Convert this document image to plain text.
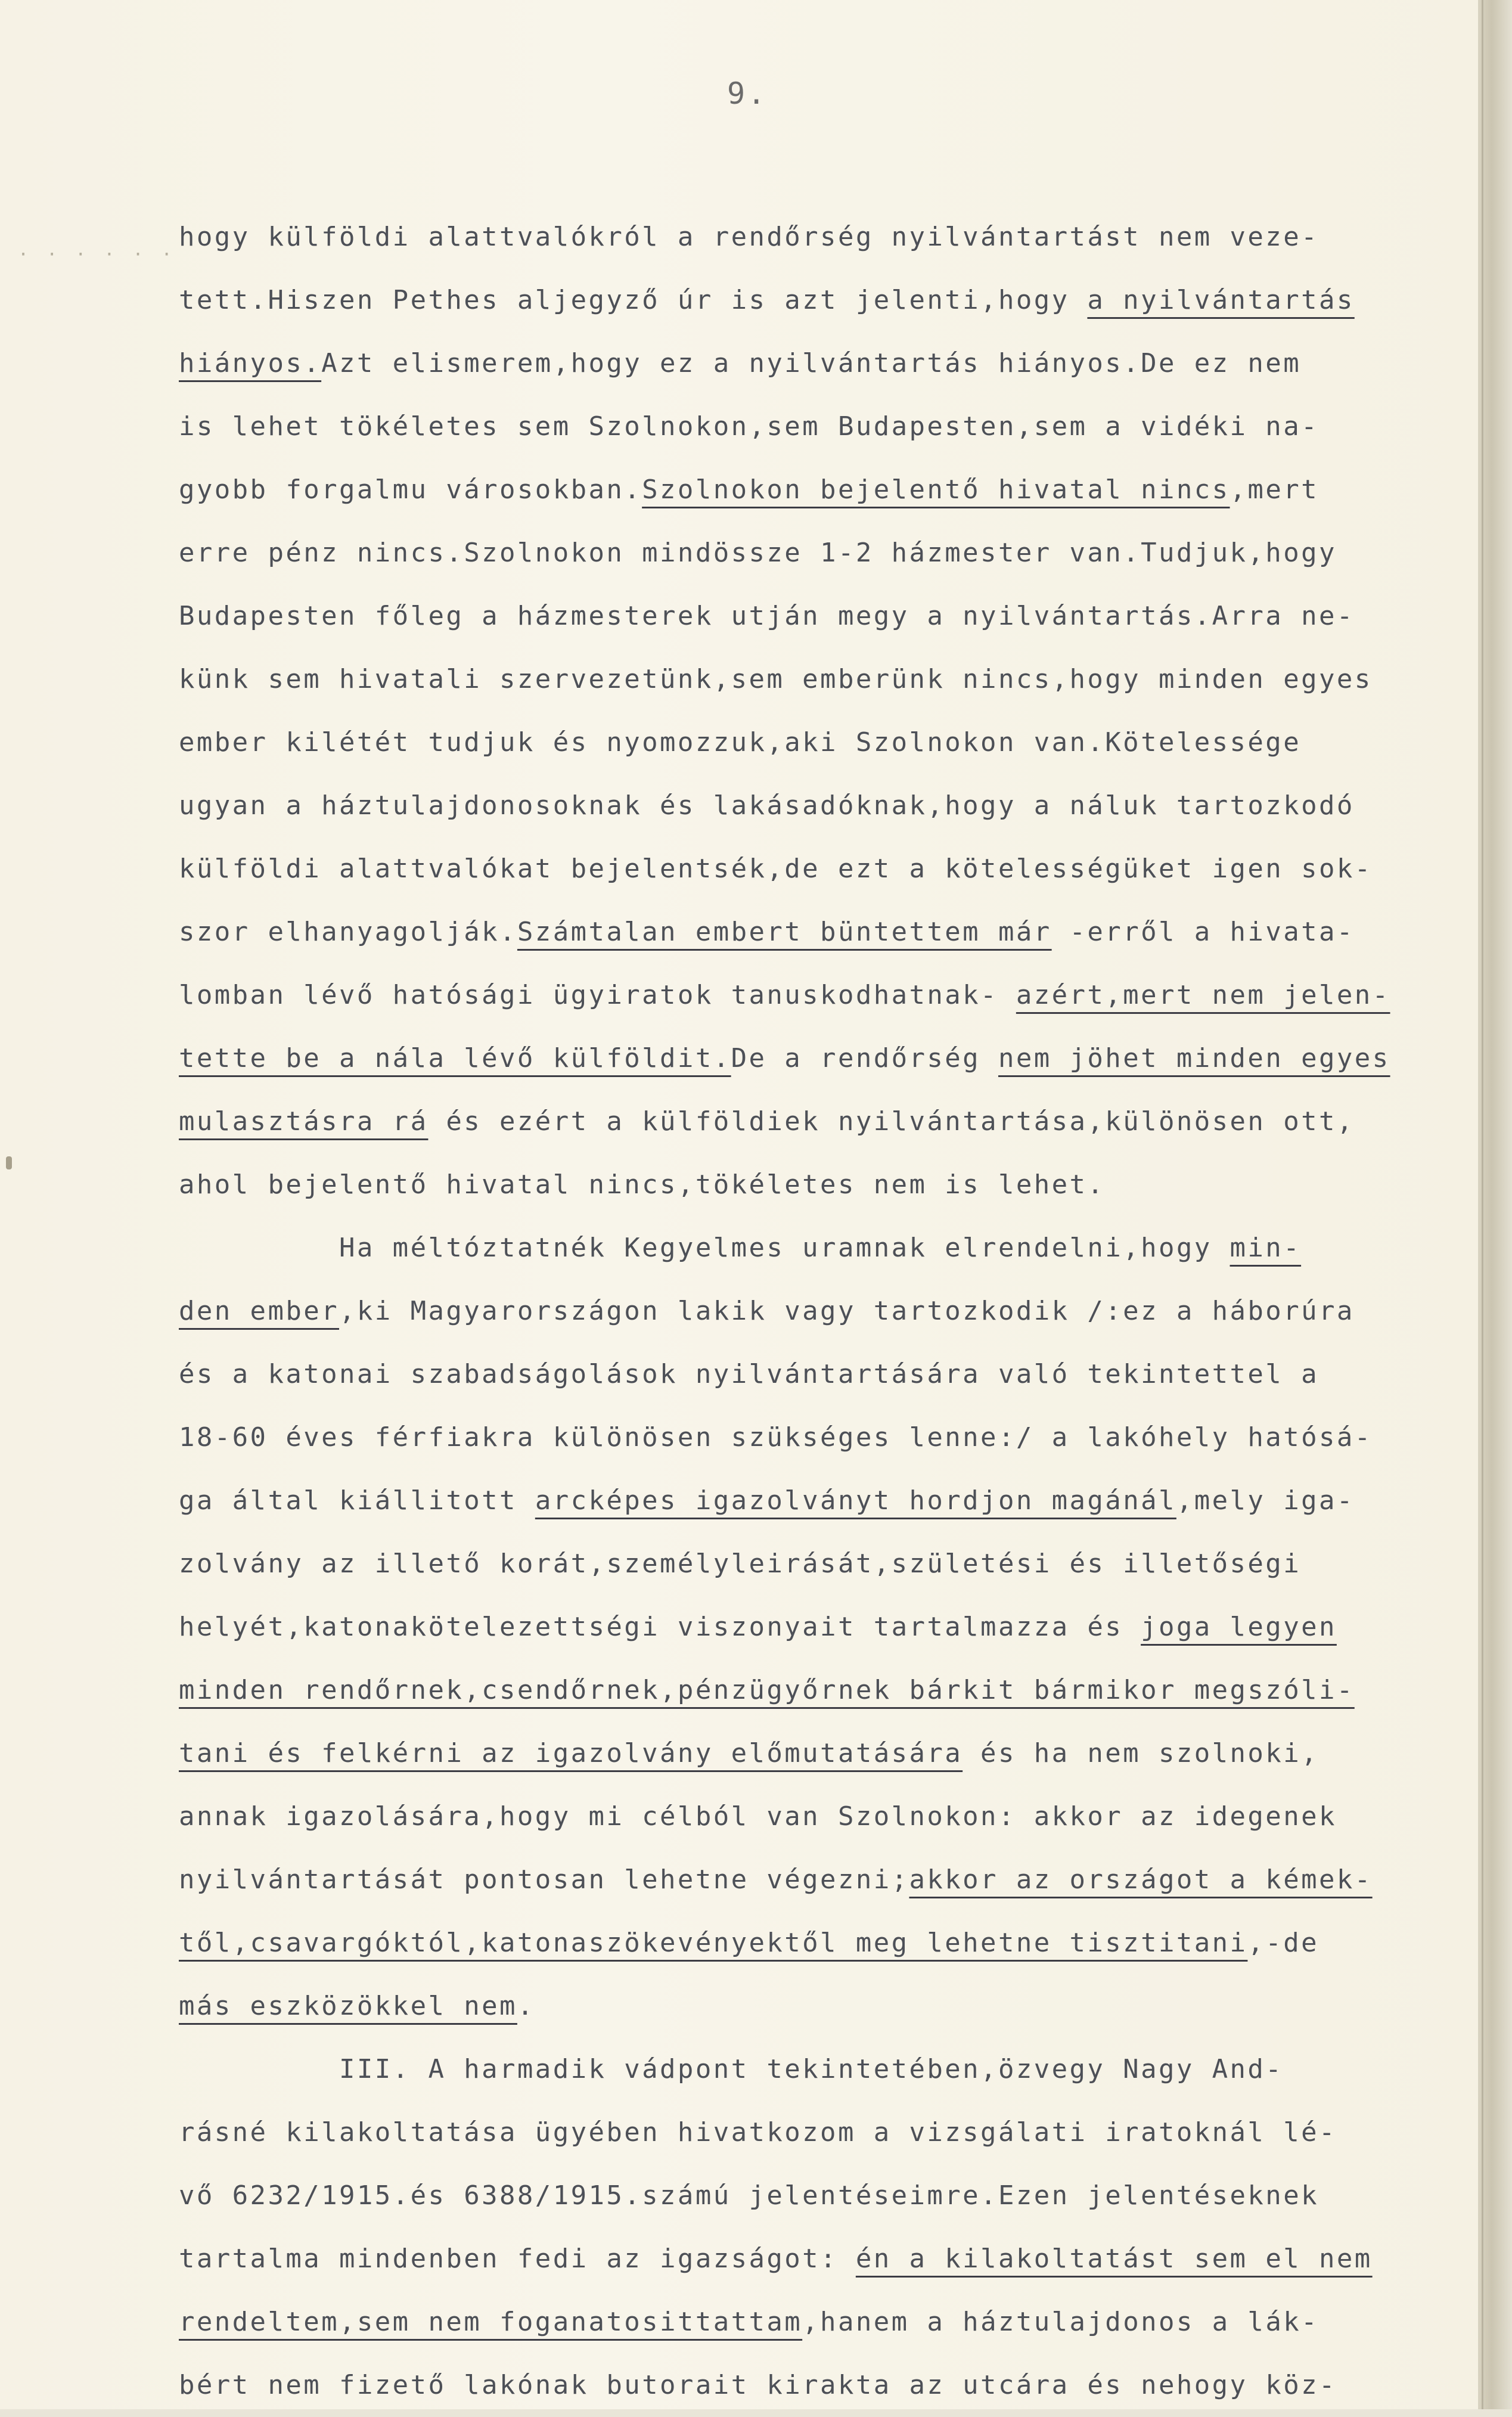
· · · · · ·
9.
hogy külföldi alattvalókról a rendőrség nyilvántartást nem veze-
tett.Hiszen Pethes aljegyző úr is azt jelenti,hogy a nyilvántartás
hiányos.Azt elismerem,hogy ez a nyilvántartás hiányos.De ez nem
is lehet tökéletes sem Szolnokon,sem Budapesten,sem a vidéki na-
gyobb forgalmu városokban.Szolnokon bejelentő hivatal nincs,mert
erre pénz nincs.Szolnokon mindössze 1-2 házmester van.Tudjuk,hogy
Budapesten főleg a házmesterek utján megy a nyilvántartás.Arra ne-
künk sem hivatali szervezetünk,sem emberünk nincs,hogy minden egyes
ember kilétét tudjuk és nyomozzuk,aki Szolnokon van.Kötelessége
ugyan a háztulajdonosoknak és lakásadóknak,hogy a náluk tartozkodó
külföldi alattvalókat bejelentsék,de ezt a kötelességüket igen sok-
szor elhanyagolják.Számtalan embert büntettem már -erről a hivata-
lomban lévő hatósági ügyiratok tanuskodhatnak- azért,mert nem jelen-
tette be a nála lévő külföldit.De a rendőrség nem jöhet minden egyes
mulasztásra rá és ezért a külföldiek nyilvántartása,különösen ott,
ahol bejelentő hivatal nincs,tökéletes nem is lehet.
Ha méltóztatnék Kegyelmes uramnak elrendelni,hogy min-
den ember,ki Magyarországon lakik vagy tartozkodik /:ez a háborúra
és a katonai szabadságolások nyilvántartására való tekintettel a
18-60 éves férfiakra különösen szükséges lenne:/ a lakóhely hatósá-
ga által kiállitott arcképes igazolványt hordjon magánál,mely iga-
zolvány az illető korát,személyleirását,születési és illetőségi
helyét,katonakötelezettségi viszonyait tartalmazza és joga legyen
minden rendőrnek,csendőrnek,pénzügyőrnek bárkit bármikor megszóli-
tani és felkérni az igazolvány előmutatására és ha nem szolnoki,
annak igazolására,hogy mi célból van Szolnokon: akkor az idegenek
nyilvántartását pontosan lehetne végezni;akkor az országot a kémek-
től,csavargóktól,katonaszökevényektől meg lehetne tisztitani,-de
más eszközökkel nem.
III. A harmadik vádpont tekintetében,özvegy Nagy And-
rásné kilakoltatása ügyében hivatkozom a vizsgálati iratoknál lé-
vő 6232/1915.és 6388/1915.számú jelentéseimre.Ezen jelentéseknek
tartalma mindenben fedi az igazságot: én a kilakoltatást sem el nem
rendeltem,sem nem foganatosittattam,hanem a háztulajdonos a lák-
bért nem fizető lakónak butorait kirakta az utcára és nehogy köz-
